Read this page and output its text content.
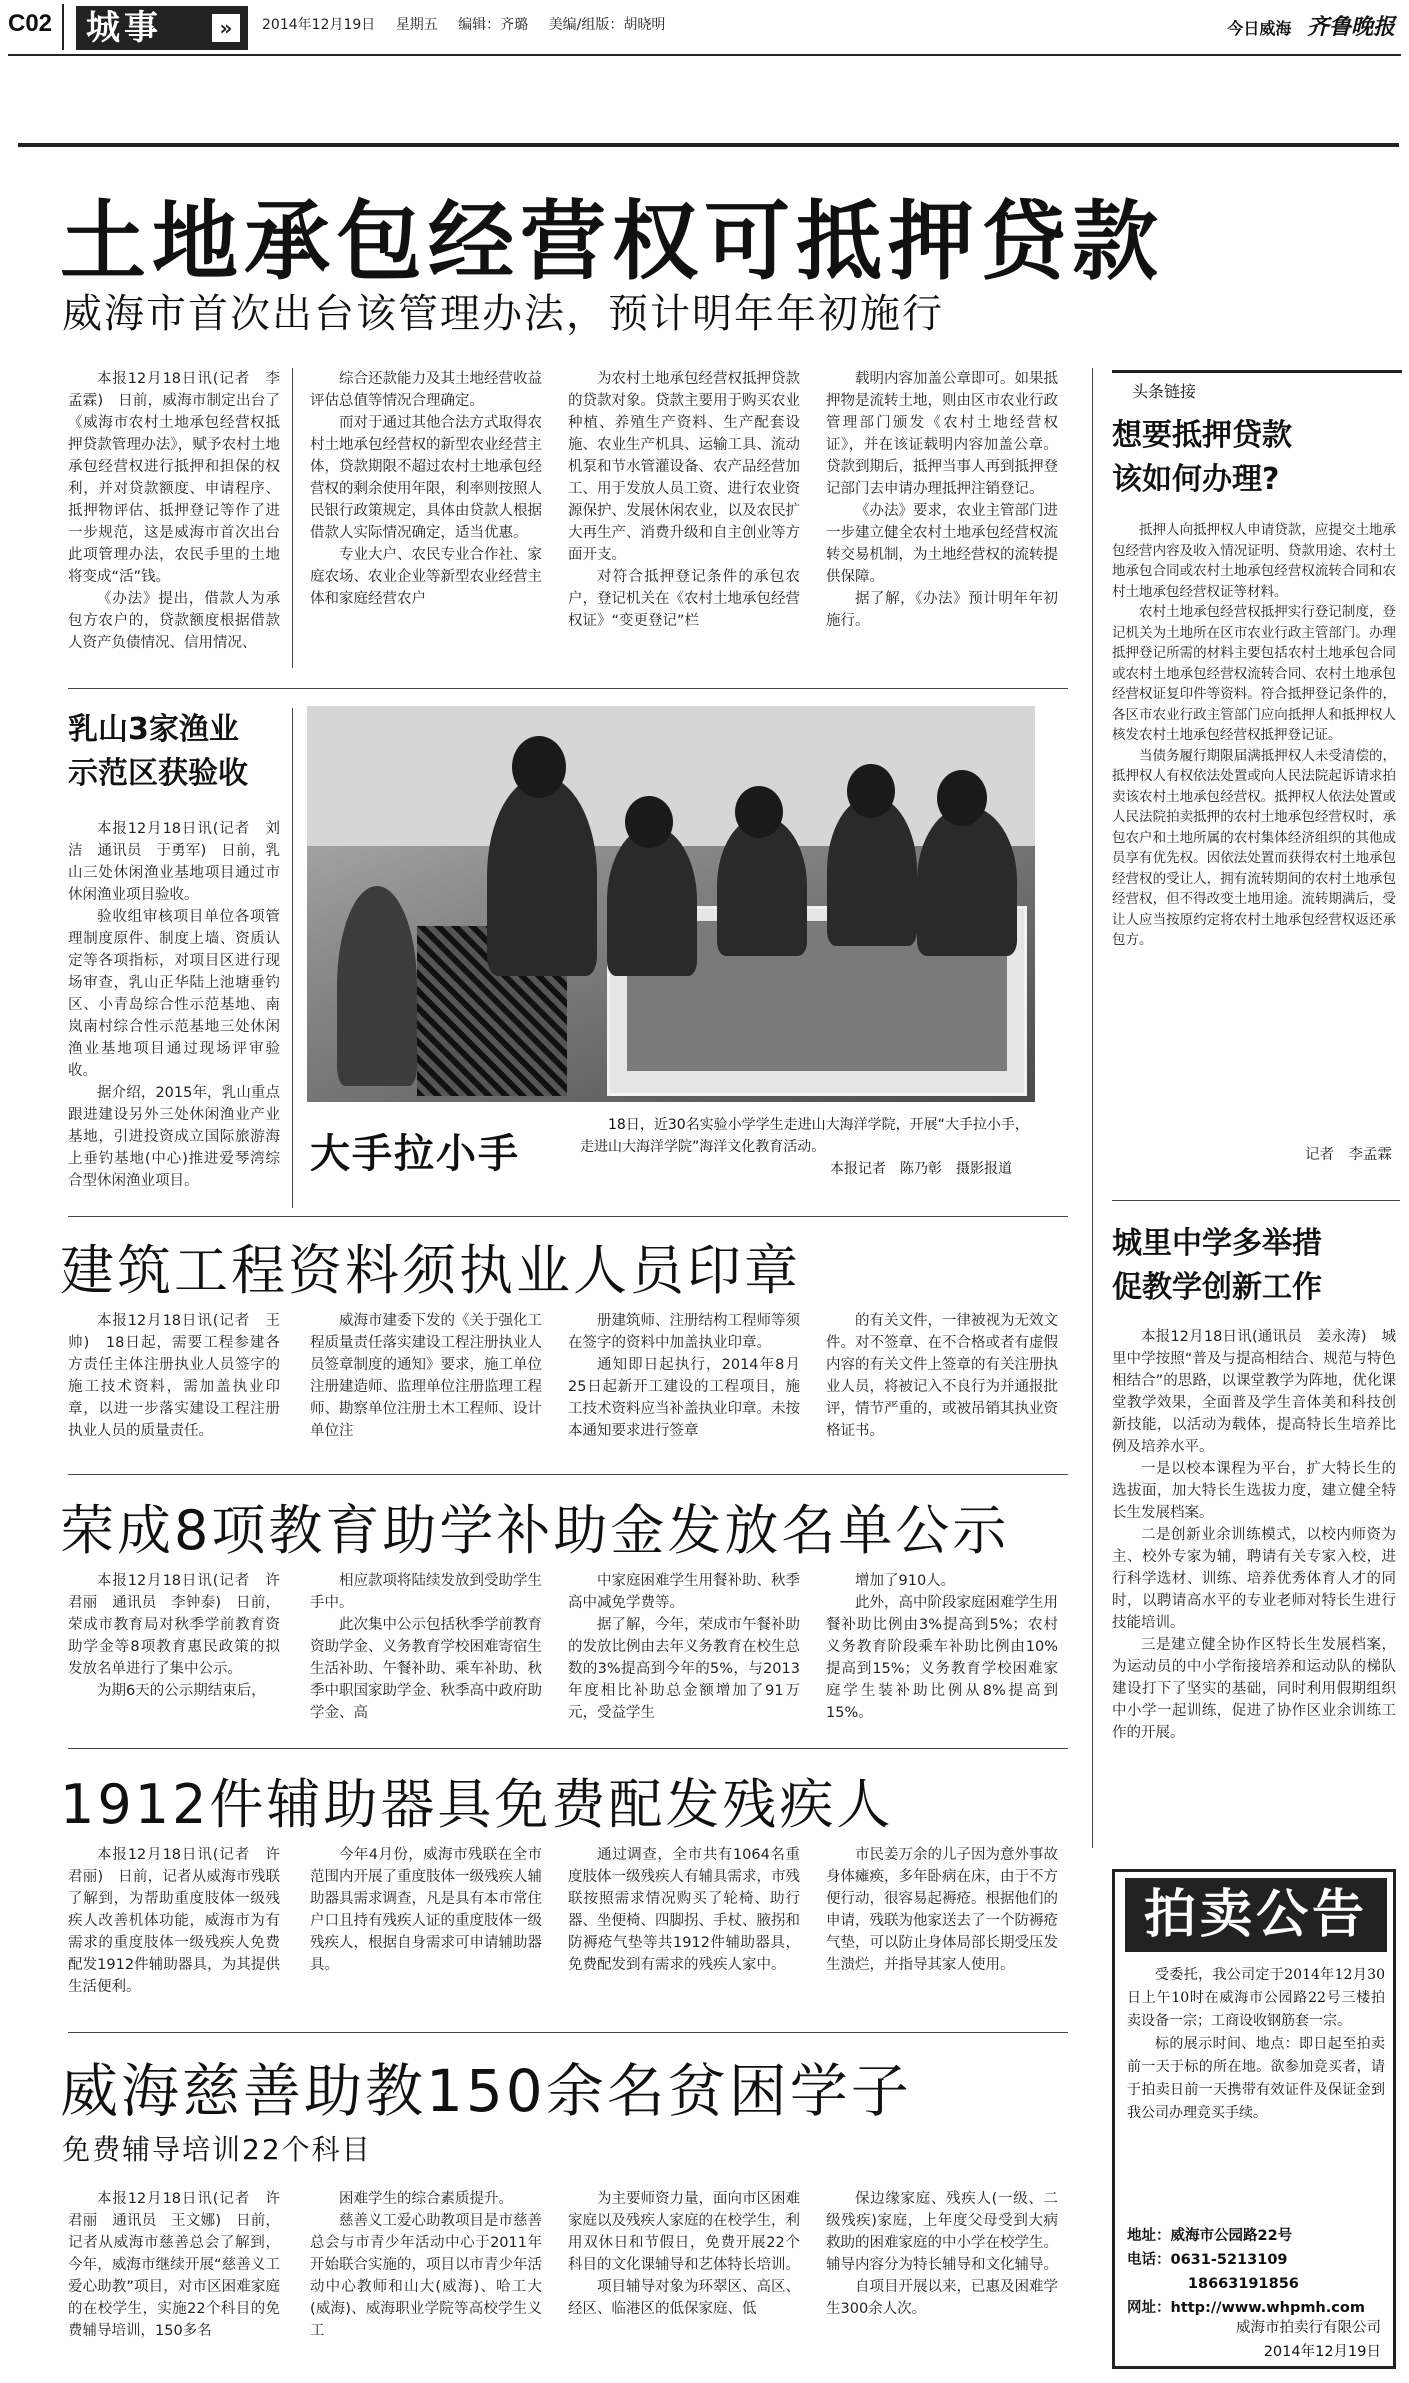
C02 城事	»	2014年12月19日 星期五 编辑：齐璐 美编/组版：胡晓明	今日威海 齐鲁晚报
土地承包经营权可抵押贷款
威海市首次出台该管理办法，预计明年年初施行

本报12月18日讯(记者　李孟霖)　日前，威海市制定出台了《威海市农村土地承包经营权抵押贷款管理办法》，赋予农村土地承包经营权进行抵押和担保的权利，并对贷款额度、申请程序、抵押物评估、抵押登记等作了进一步规范，这是威海市首次出台此项管理办法，农民手里的土地将变成“活”钱。

《办法》提出，借款人为承包方农户的，贷款额度根据借款人资产负债情况、信用情况、

综合还款能力及其土地经营收益评估总值等情况合理确定。

而对于通过其他合法方式取得农村土地承包经营权的新型农业经营主体，贷款期限不超过农村土地承包经营权的剩余使用年限，利率则按照人民银行政策规定，具体由贷款人根据借款人实际情况确定，适当优惠。

专业大户、农民专业合作社、家庭农场、农业企业等新型农业经营主体和家庭经营农户

为农村土地承包经营权抵押贷款的贷款对象。贷款主要用于购买农业种植、养殖生产资料、生产配套设施、农业生产机具、运输工具、流动机泵和节水管灌设备、农产品经营加工、用于发放人员工资、进行农业资源保护、发展休闲农业，以及农民扩大再生产、消费升级和自主创业等方面开支。

对符合抵押登记条件的承包农户，登记机关在《农村土地承包经营权证》“变更登记”栏

载明内容加盖公章即可。如果抵押物是流转土地，则由区市农业行政管理部门颁发《农村土地经营权证》，并在该证载明内容加盖公章。贷款到期后，抵押当事人再到抵押登记部门去申请办理抵押注销登记。

《办法》要求，农业主管部门进一步建立健全农村土地承包经营权流转交易机制，为土地经营权的流转提供保障。

据了解，《办法》预计明年年初施行。

乳山3家渔业
示范区获验收

本报12月18日讯(记者　刘洁　通讯员　于勇军)　日前，乳山三处休闲渔业基地项目通过市休闲渔业项目验收。

验收组审核项目单位各项管理制度原件、制度上墙、资质认定等各项指标，对项目区进行现场审查，乳山正华陆上池塘垂钓区、小青岛综合性示范基地、南岚南村综合性示范基地三处休闲渔业基地项目通过现场评审验收。

据介绍，2015年，乳山重点跟进建设另外三处休闲渔业产业基地，引进投资成立国际旅游海上垂钓基地(中心)推进爱琴湾综合型休闲渔业项目。

大手拉小手
18日，近30名实验小学学生走进山大海洋学院，开展“大手拉小手，走进山大海洋学院”海洋文化教育活动。
本报记者　陈乃彰　摄影报道
头条链接
想要抵押贷款
该如何办理?

抵押人向抵押权人申请贷款，应提交土地承包经营内容及收入情况证明、贷款用途、农村土地承包合同或农村土地承包经营权流转合同和农村土地承包经营权证等材料。

农村土地承包经营权抵押实行登记制度，登记机关为土地所在区市农业行政主管部门。办理抵押登记所需的材料主要包括农村土地承包合同或农村土地承包经营权流转合同、农村土地承包经营权证复印件等资料。符合抵押登记条件的，各区市农业行政主管部门应向抵押人和抵押权人核发农村土地承包经营权抵押登记证。

当债务履行期限届满抵押权人未受清偿的，抵押权人有权依法处置或向人民法院起诉请求拍卖该农村土地承包经营权。抵押权人依法处置或人民法院拍卖抵押的农村土地承包经营权时，承包农户和土地所属的农村集体经济组织的其他成员享有优先权。因依法处置而获得农村土地承包经营权的受让人，拥有流转期间的农村土地承包经营权，但不得改变土地用途。流转期满后，受让人应当按原约定将农村土地承包经营权返还承包方。

记者　李孟霖
城里中学多举措
促教学创新工作

本报12月18日讯(通讯员　姜永涛)　城里中学按照“普及与提高相结合、规范与特色相结合”的思路，以课堂教学为阵地，优化课堂教学效果，全面普及学生音体美和科技创新技能，以活动为载体，提高特长生培养比例及培养水平。

一是以校本课程为平台，扩大特长生的选拔面，加大特长生选拔力度，建立健全特长生发展档案。

二是创新业余训练模式，以校内师资为主、校外专家为辅，聘请有关专家入校，进行科学选材、训练、培养优秀体育人才的同时，以聘请高水平的专业老师对特长生进行技能培训。

三是建立健全协作区特长生发展档案，为运动员的中小学衔接培养和运动队的梯队建设打下了坚实的基础，同时利用假期组织中小学一起训练，促进了协作区业余训练工作的开展。

建筑工程资料须执业人员印章

本报12月18日讯(记者　王帅)　18日起，需要工程参建各方责任主体注册执业人员签字的施工技术资料，需加盖执业印章，以进一步落实建设工程注册执业人员的质量责任。

威海市建委下发的《关于强化工程质量责任落实建设工程注册执业人员签章制度的通知》要求，施工单位注册建造师、监理单位注册监理工程师、勘察单位注册土木工程师、设计单位注

册建筑师、注册结构工程师等须在签字的资料中加盖执业印章。

通知即日起执行，2014年8月25日起新开工建设的工程项目，施工技术资料应当补盖执业印章。未按本通知要求进行签章

的有关文件，一律被视为无效文件。对不签章、在不合格或者有虚假内容的有关文件上签章的有关注册执业人员，将被记入不良行为并通报批评，情节严重的，或被吊销其执业资格证书。

荣成8项教育助学补助金发放名单公示

本报12月18日讯(记者　许君丽　通讯员　李钟泰)　日前，荣成市教育局对秋季学前教育资助学金等8项教育惠民政策的拟发放名单进行了集中公示。

为期6天的公示期结束后，

相应款项将陆续发放到受助学生手中。

此次集中公示包括秋季学前教育资助学金、义务教育学校困难寄宿生生活补助、午餐补助、乘车补助、秋季中职国家助学金、秋季高中政府助学金、高

中家庭困难学生用餐补助、秋季高中减免学费等。

据了解，今年，荣成市午餐补助的发放比例由去年义务教育在校生总数的3%提高到今年的5%，与2013年度相比补助总金额增加了91万元，受益学生

增加了910人。

此外，高中阶段家庭困难学生用餐补助比例由3%提高到5%；农村义务教育阶段乘车补助比例由10%提高到15%；义务教育学校困难家庭学生装补助比例从8%提高到15%。

1912件辅助器具免费配发残疾人

本报12月18日讯(记者　许君丽)　日前，记者从威海市残联了解到，为帮助重度肢体一级残疾人改善机体功能，威海市为有需求的重度肢体一级残疾人免费配发1912件辅助器具，为其提供生活便利。

今年4月份，威海市残联在全市范围内开展了重度肢体一级残疾人辅助器具需求调查，凡是具有本市常住户口且持有残疾人证的重度肢体一级残疾人，根据自身需求可申请辅助器具。

通过调查，全市共有1064名重度肢体一级残疾人有辅具需求，市残联按照需求情况购买了轮椅、助行器、坐便椅、四脚拐、手杖、腋拐和防褥疮气垫等共1912件辅助器具，免费配发到有需求的残疾人家中。

市民姜万余的儿子因为意外事故身体瘫痪，多年卧病在床，由于不方便行动，很容易起褥疮。根据他们的申请，残联为他家送去了一个防褥疮气垫，可以防止身体局部长期受压发生溃烂，并指导其家人使用。

威海慈善助教150余名贫困学子
免费辅导培训22个科目

本报12月18日讯(记者　许君丽　通讯员　王文娜)　日前，记者从威海市慈善总会了解到，今年，威海市继续开展“慈善义工爱心助教”项目，对市区困难家庭的在校学生，实施22个科目的免费辅导培训，150多名

困难学生的综合素质提升。

慈善义工爱心助教项目是市慈善总会与市青少年活动中心于2011年开始联合实施的，项目以市青少年活动中心教师和山大(威海)、哈工大(威海)、威海职业学院等高校学生义工

为主要师资力量，面向市区困难家庭以及残疾人家庭的在校学生，利用双休日和节假日，免费开展22个科目的文化课辅导和艺体特长培训。

项目辅导对象为环翠区、高区、经区、临港区的低保家庭、低

保边缘家庭、残疾人(一级、二级残疾)家庭，上年度父母受到大病救助的困难家庭的中小学在校学生。辅导内容分为特长辅导和文化辅导。

自项目开展以来，已惠及困难学生300余人次。

拍卖公告

受委托，我公司定于2014年12月30日上午10时在威海市公园路22号三楼拍卖设备一宗；工商设收钢筋套一宗。

标的展示时间、地点：即日起至拍卖前一天于标的所在地。欲参加竞买者，请于拍卖日前一天携带有效证件及保证金到我公司办理竞买手续。

地址：威海市公园路22号
电话：0631-5213109
18663191856
网址：http://www.whpmh.com
威海市拍卖行有限公司
2014年12月19日
